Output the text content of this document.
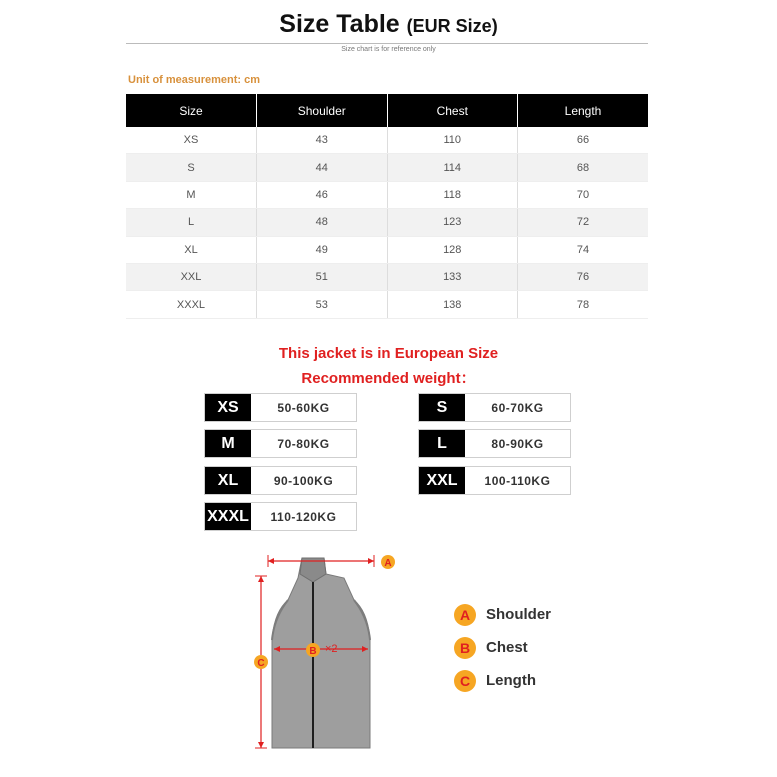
Size Table (EUR Size)
Size chart is for reference only
Unit of measurement: cm
Size	Shoulder	Chest	Length
XS	43	110	66
S	44	114	68
M	46	118	70
L	48	123	72
XL	49	128	74
XXL	51	133	76
XXXL	53	138	78
This jacket is in European Size
Recommended weight：
XS	50-60KG	S	60-70KG
M	70-80KG	L	80-90KG
XL	90-100KG	XXL	100-110KG
XXXL	110-120KG
A
B ×2
C
A	Shoulder
B	Chest
C	Length
